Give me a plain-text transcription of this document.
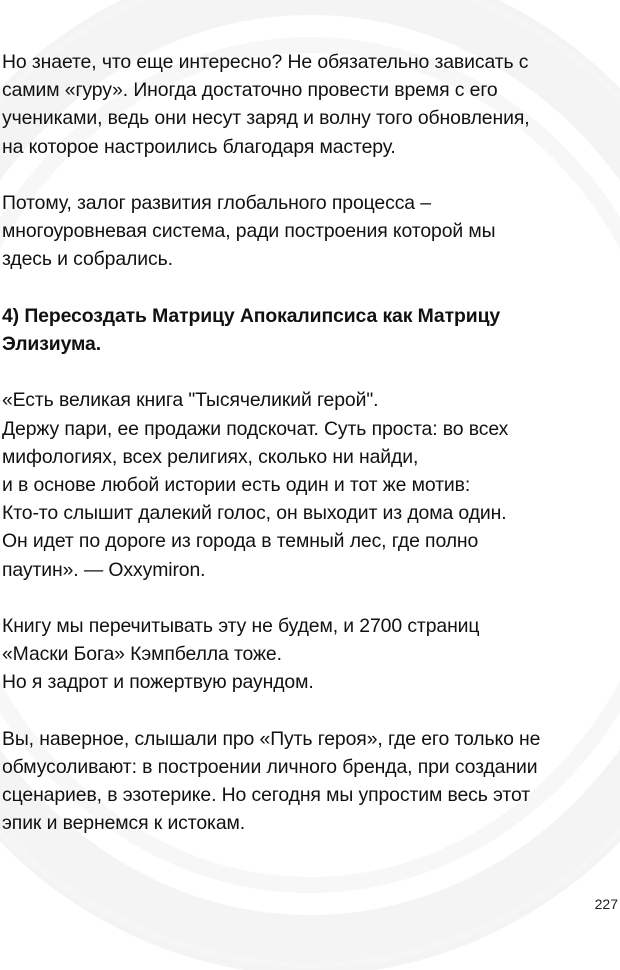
Но знаете, что еще интересно? Не обязательно зависать с
самим «гуру». Иногда достаточно провести время с его
учениками, ведь они несут заряд и волну того обновления,
на которое настроились благодаря мастеру.

Потому, залог развития глобального процесса –
многоуровневая система, ради построения которой мы
здесь и собрались.

4) Пересоздать Матрицу Апокалипсиса как Матрицу
Элизиума.

«Есть великая книга "Тысячеликий герой".
Держу пари, ее продажи подскочат. Суть проста: во всех
мифологиях, всех религиях, сколько ни найди,
и в основе любой истории есть один и тот же мотив:
Кто-то слышит далекий голос, он выходит из дома один.
Он идет по дороге из города в темный лес, где полно
паутин». — Oxxymiron.

Книгу мы перечитывать эту не будем, и 2700 страниц
«Маски Бога» Кэмпбелла тоже.
Но я задрот и пожертвую раундом.

Вы, наверное, слышали про «Путь героя», где его только не
обмусоливают: в построении личного бренда, при создании
сценариев, в эзотерике. Но сегодня мы упростим весь этот
эпик и вернемся к истокам.

227
